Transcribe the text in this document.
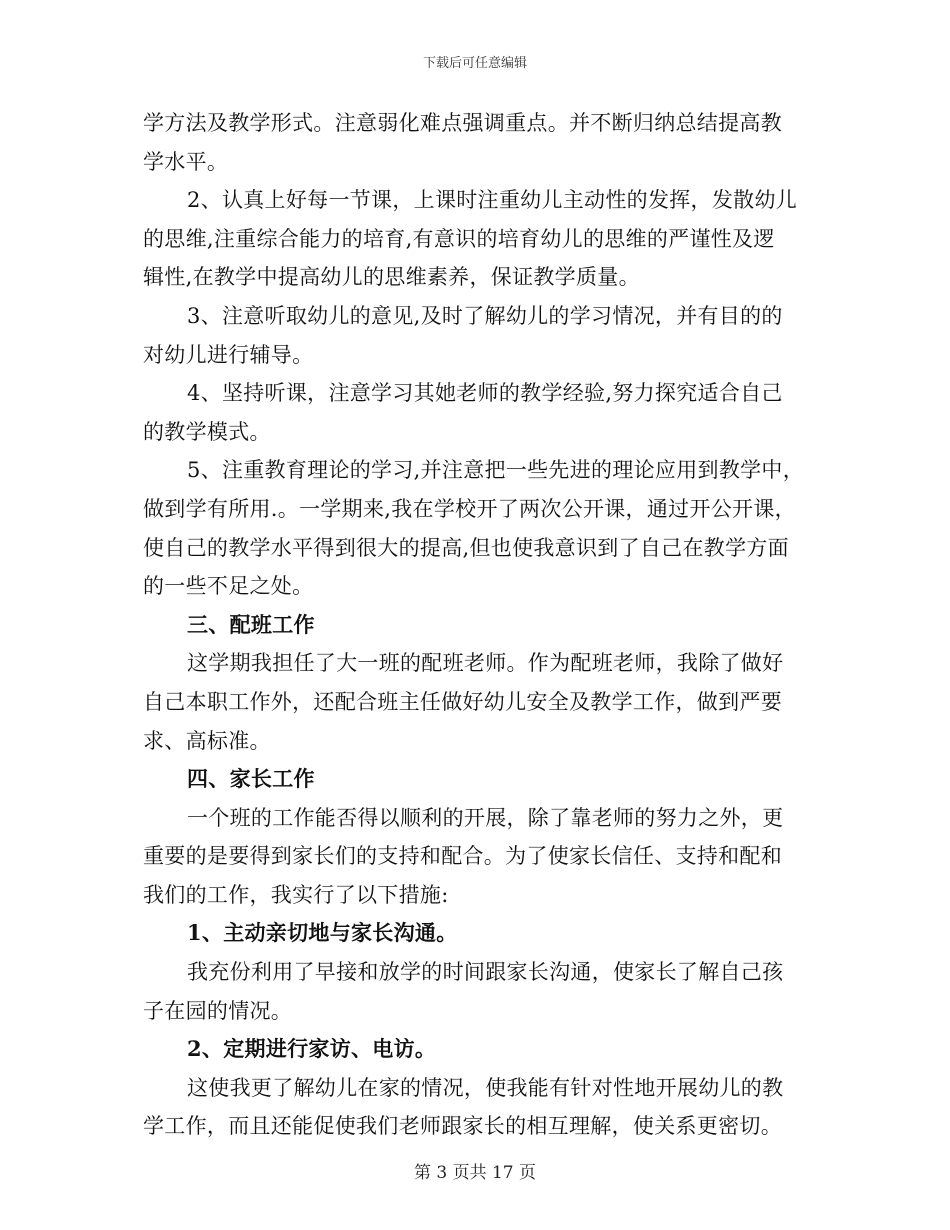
下载后可任意编辑
学方法及教学形式。注意弱化难点强调重点。并不断归纳总结提高教
学水平。
2、认真上好每一节课，上课时注重幼儿主动性的发挥，发散幼儿
的思维,注重综合能力的培育,有意识的培育幼儿的思维的严谨性及逻
辑性,在教学中提高幼儿的思维素养，保证教学质量。
3、注意听取幼儿的意见,及时了解幼儿的学习情况，并有目的的
对幼儿进行辅导。
4、坚持听课，注意学习其她老师的教学经验,努力探究适合自己
的教学模式。
5、注重教育理论的学习,并注意把一些先进的理论应用到教学中，
做到学有所用.。一学期来,我在学校开了两次公开课，通过开公开课，
使自己的教学水平得到很大的提高,但也使我意识到了自己在教学方面
的一些不足之处。
三、配班工作
这学期我担任了大一班的配班老师。作为配班老师，我除了做好
自己本职工作外，还配合班主任做好幼儿安全及教学工作，做到严要
求、高标准。
四、家长工作
一个班的工作能否得以顺利的开展，除了靠老师的努力之外，更
重要的是要得到家长们的支持和配合。为了使家长信任、支持和配和
我们的工作，我实行了以下措施:
1、主动亲切地与家长沟通。
我充份利用了早接和放学的时间跟家长沟通，使家长了解自己孩
子在园的情况。
2、定期进行家访、电访。
这使我更了解幼儿在家的情况，使我能有针对性地开展幼儿的教
学工作，而且还能促使我们老师跟家长的相互理解，使关系更密切。
第 3 页共 17 页
